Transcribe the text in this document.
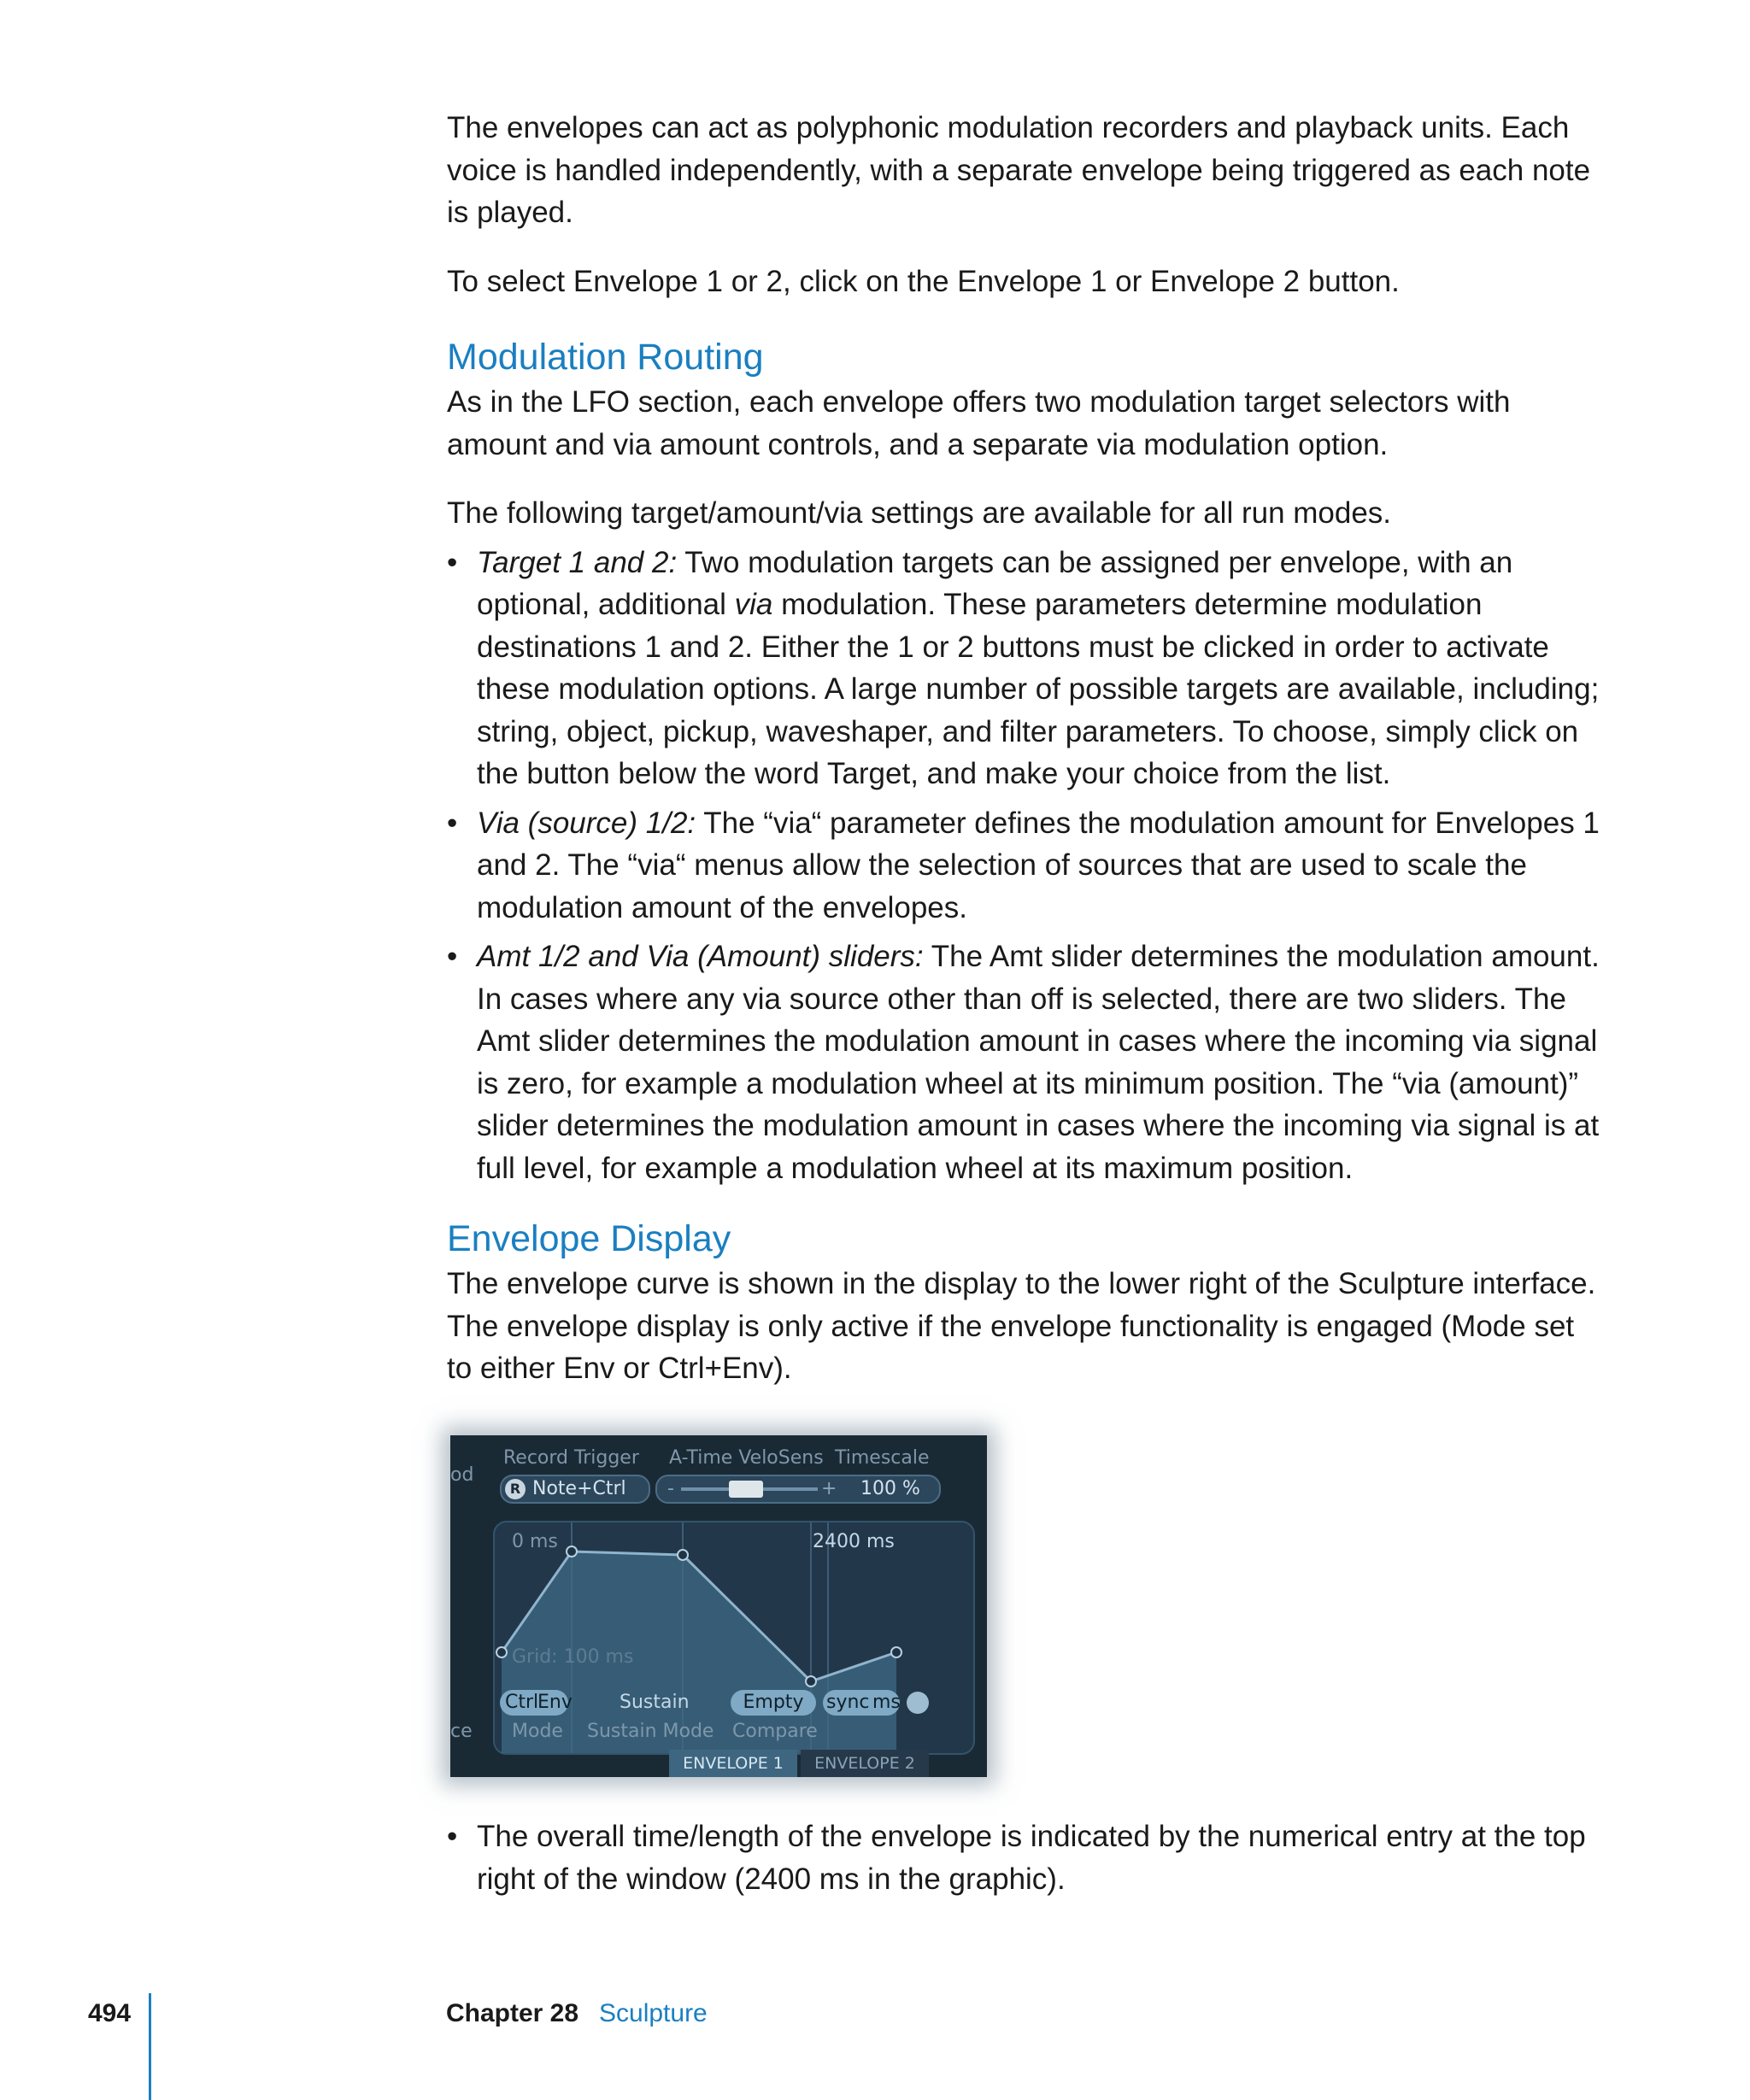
The envelopes can act as polyphonic modulation recorders and playback units. Each voice is handled independently, with a separate envelope being triggered as each note is played.

To select Envelope 1 or 2, click on the Envelope 1 or Envelope 2 button.

Modulation Routing

As in the LFO section, each envelope offers two modulation target selectors with amount and via amount controls, and a separate via modulation option.

The following target/amount/via settings are available for all run modes.

• Target 1 and 2: Two modulation targets can be assigned per envelope, with an optional, additional via modulation. These parameters determine modulation destinations 1 and 2. Either the 1 or 2 buttons must be clicked in order to activate these modulation options. A large number of possible targets are available, including; string, object, pickup, waveshaper, and filter parameters. To choose, simply click on the button below the word Target, and make your choice from the list.

• Via (source) 1/2: The “via“ parameter defines the modulation amount for Envelopes 1 and 2. The “via“ menus allow the selection of sources that are used to scale the modulation amount of the envelopes.

• Amt 1/2 and Via (Amount) sliders: The Amt slider determines the modulation amount. In cases where any via source other than off is selected, there are two sliders. The Amt slider determines the modulation amount in cases where the incoming via signal is zero, for example a modulation wheel at its minimum position. The “via (amount)” slider determines the modulation amount in cases where the incoming via signal is at full level, for example a modulation wheel at its maximum position.

Envelope Display

The envelope curve is shown in the display to the lower right of the Sculpture interface. The envelope display is only active if the envelope functionality is engaged (Mode set to either Env or Ctrl+Env).

od
Record Trigger A-Time VeloSens Timescale
R Note+Ctrl -	+ 100 %
0 ms	2400 ms
Grid: 100 ms
Ctrl
Env	Sustain	Empty	sync ms
ce Mode Sustain Mode Compare
ENVELOPE 1	ENVELOPE 2

• The overall time/length of the envelope is indicated by the numerical entry at the top right of the window (2400 ms in the graphic).

494	Chapter 28 Sculpture
